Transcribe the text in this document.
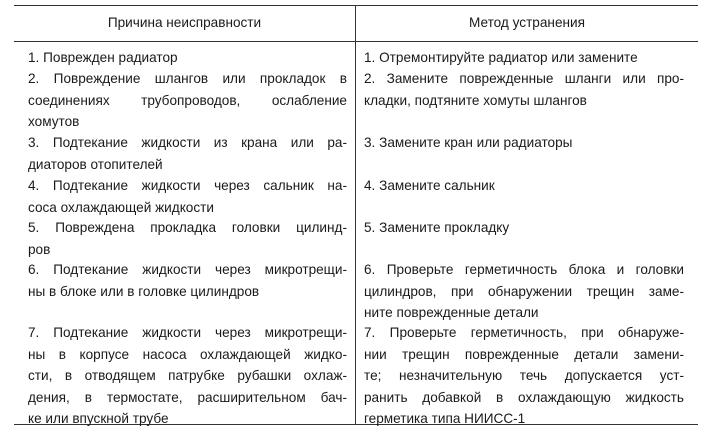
Причина неисправности	Метод устранения
1. Поврежден радиатор	1. Отремонтируйте радиатор или замените
2. Повреждение шлангов или прокладок в
соединениях трубопроводов, ослабление
хомутов
2. Замените поврежденные шланги или про-
кладки, подтяните хомуты шлангов
3. Подтекание жидкости из крана или ра-
диаторов отопителей
3. Замените кран или радиаторы
4. Подтекание жидкости через сальник на-
соса охлаждающей жидкости
4. Замените сальник
5. Повреждена прокладка головки цилинд-
ров
5. Замените прокладку
6. Подтекание жидкости через микротрещи-
ны в блоке или в головке цилиндров
6. Проверьте герметичность блока и головки
цилиндров, при обнаружении трещин заме-
ните поврежденные детали
7. Подтекание жидкости через микротрещи-
ны в корпусе насоса охлаждающей жидко-
сти, в отводящем патрубке рубашки охлаж-
дения, в термостате, расширительном бач-
ке или впускной трубе
7. Проверьте герметичность, при обнаруже-
нии трещин поврежденные детали замени-
те; незначительную течь допускается уст-
ранить добавкой в охлаждающую жидкость
герметика типа НИИСС-1
